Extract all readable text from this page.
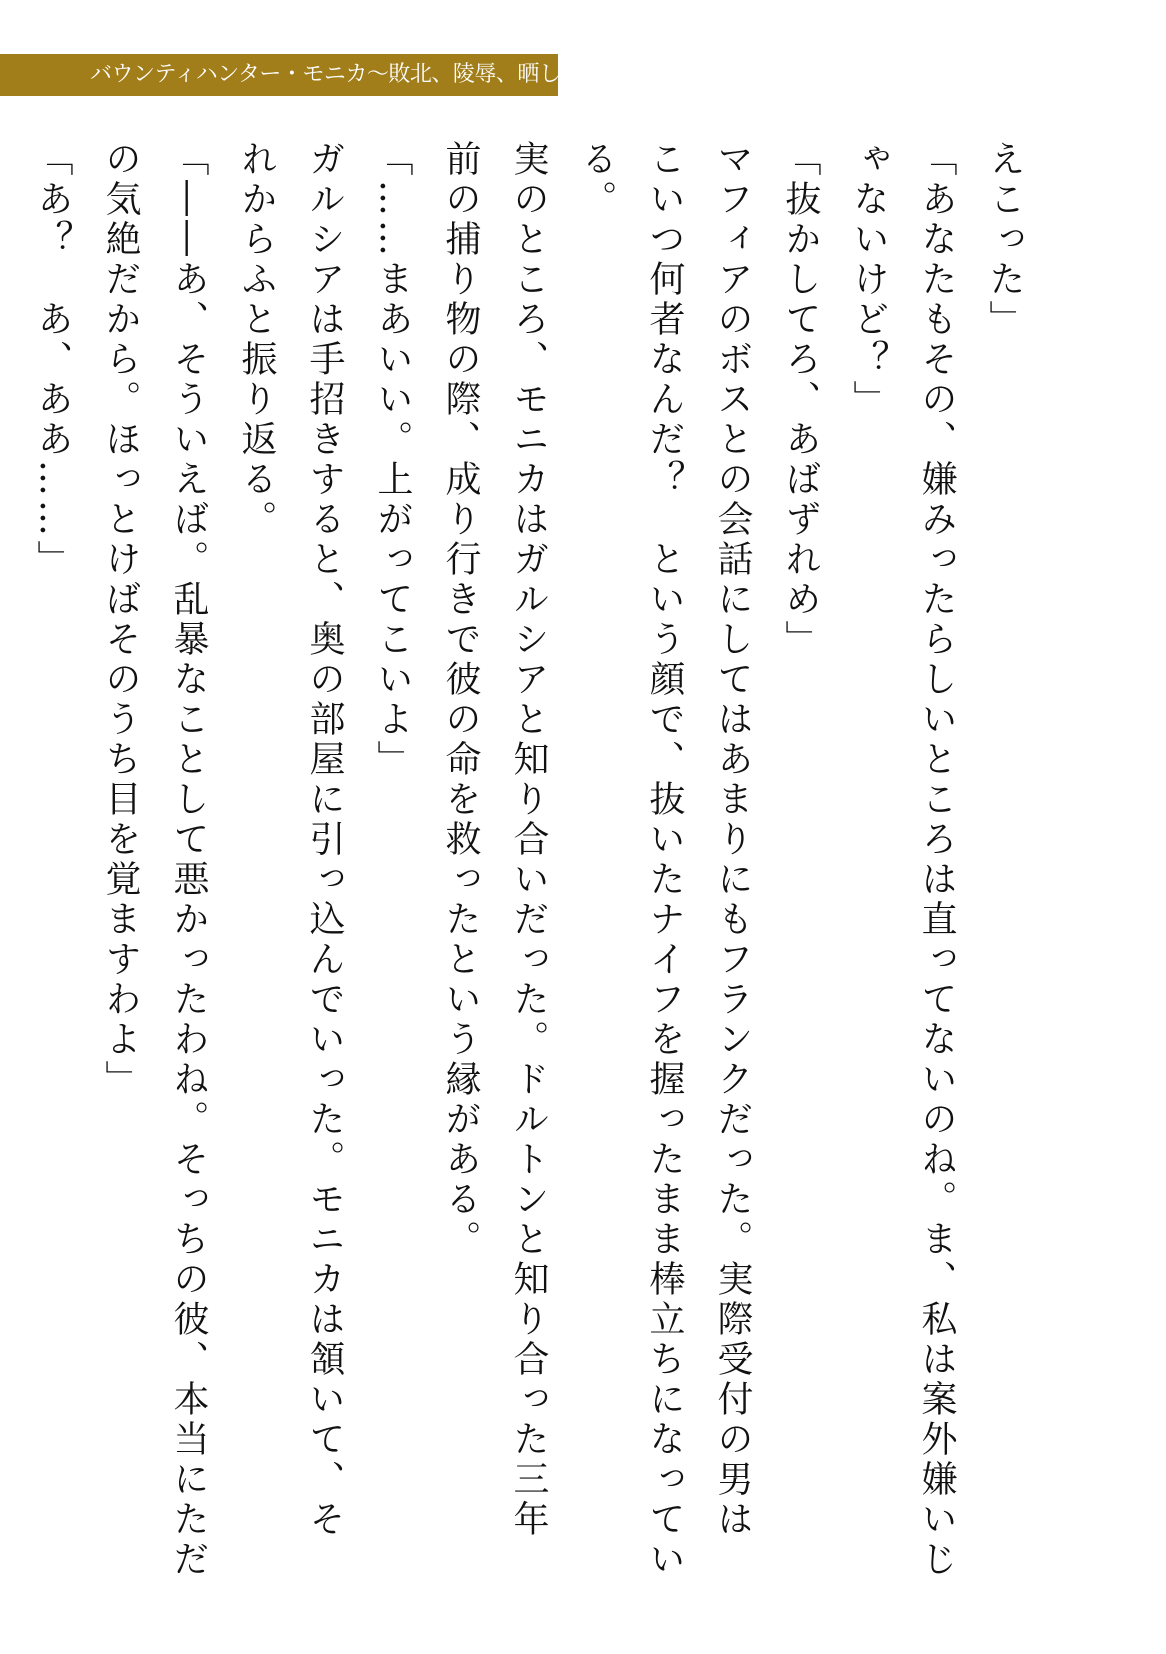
バウンティハンター・モニカ〜敗北、陵辱、晒し者〜
えこった」
「あなたもその、嫌みったらしいところは直ってないのね。ま、私は案外嫌いじ
ゃないけど？」
「抜かしてろ、あばずれめ」
マフィアのボスとの会話にしてはあまりにもフランクだった。実際受付の男は
こいつ何者なんだ？　という顔で、抜いたナイフを握ったまま棒立ちになってい
る。
実のところ、モニカはガルシアと知り合いだった。ドルトンと知り合った三年
前の捕り物の際、成り行きで彼の命を救ったという縁がある。
「……まあいい。上がってこいよ」
ガルシアは手招きすると、奥の部屋に引っ込んでいった。モニカは頷いて、そ
れからふと振り返る。
「――あ、そういえば。乱暴なことして悪かったわね。そっちの彼、本当にただ
の気絶だから。ほっとけばそのうち目を覚ますわよ」
「あ？　あ、ああ……」
